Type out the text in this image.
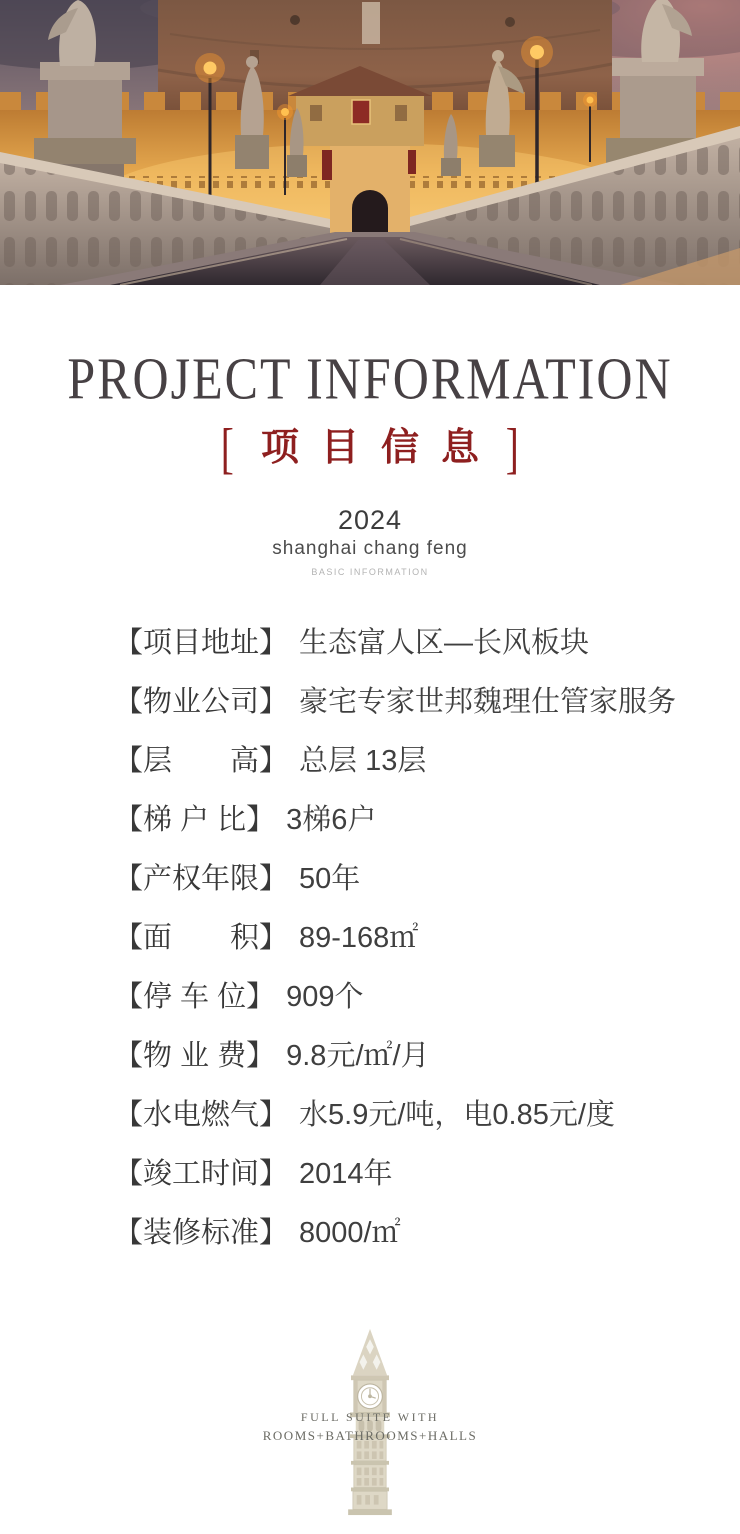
PROJECT INFORMATION
[ 项目信息 ]
2024
shanghai chang feng
BASIC INFORMATION
【项目地址】 生态富人区—长风板块
【物业公司】 豪宅专家世邦魏理仕管家服务
【层　　高】 总层 13层
【梯 户 比】 3梯6户
【产权年限】 50年
【面　　积】 89-168㎡
【停 车 位】 909个
【物 业 费】 9.8元/㎡/月
【水电燃气】 水5.9元/吨，电0.85元/度
【竣工时间】 2014年
【装修标准】 8000/㎡
FULL SUITE WITH
ROOMS+BATHROOMS+HALLS
